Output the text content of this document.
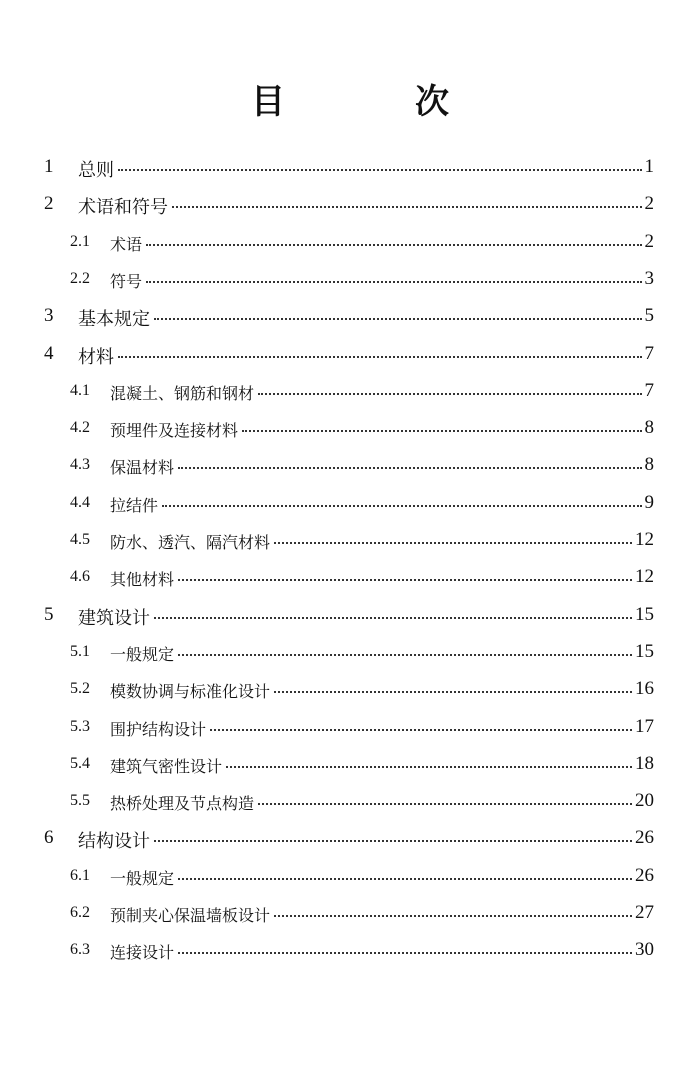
目　次
1 总则	1
2 术语和符号	2
2.1 术语	2
2.2 符号	3
3 基本规定	5
4 材料	7
4.1 混凝土、钢筋和钢材	7
4.2 预埋件及连接材料	8
4.3 保温材料	8
4.4 拉结件	9
4.5 防水、透汽、隔汽材料	12
4.6 其他材料	12
5 建筑设计	15
5.1 一般规定	15
5.2 模数协调与标准化设计	16
5.3 围护结构设计	17
5.4 建筑气密性设计	18
5.5 热桥处理及节点构造	20
6 结构设计	26
6.1 一般规定	26
6.2 预制夹心保温墙板设计	27
6.3 连接设计	30
